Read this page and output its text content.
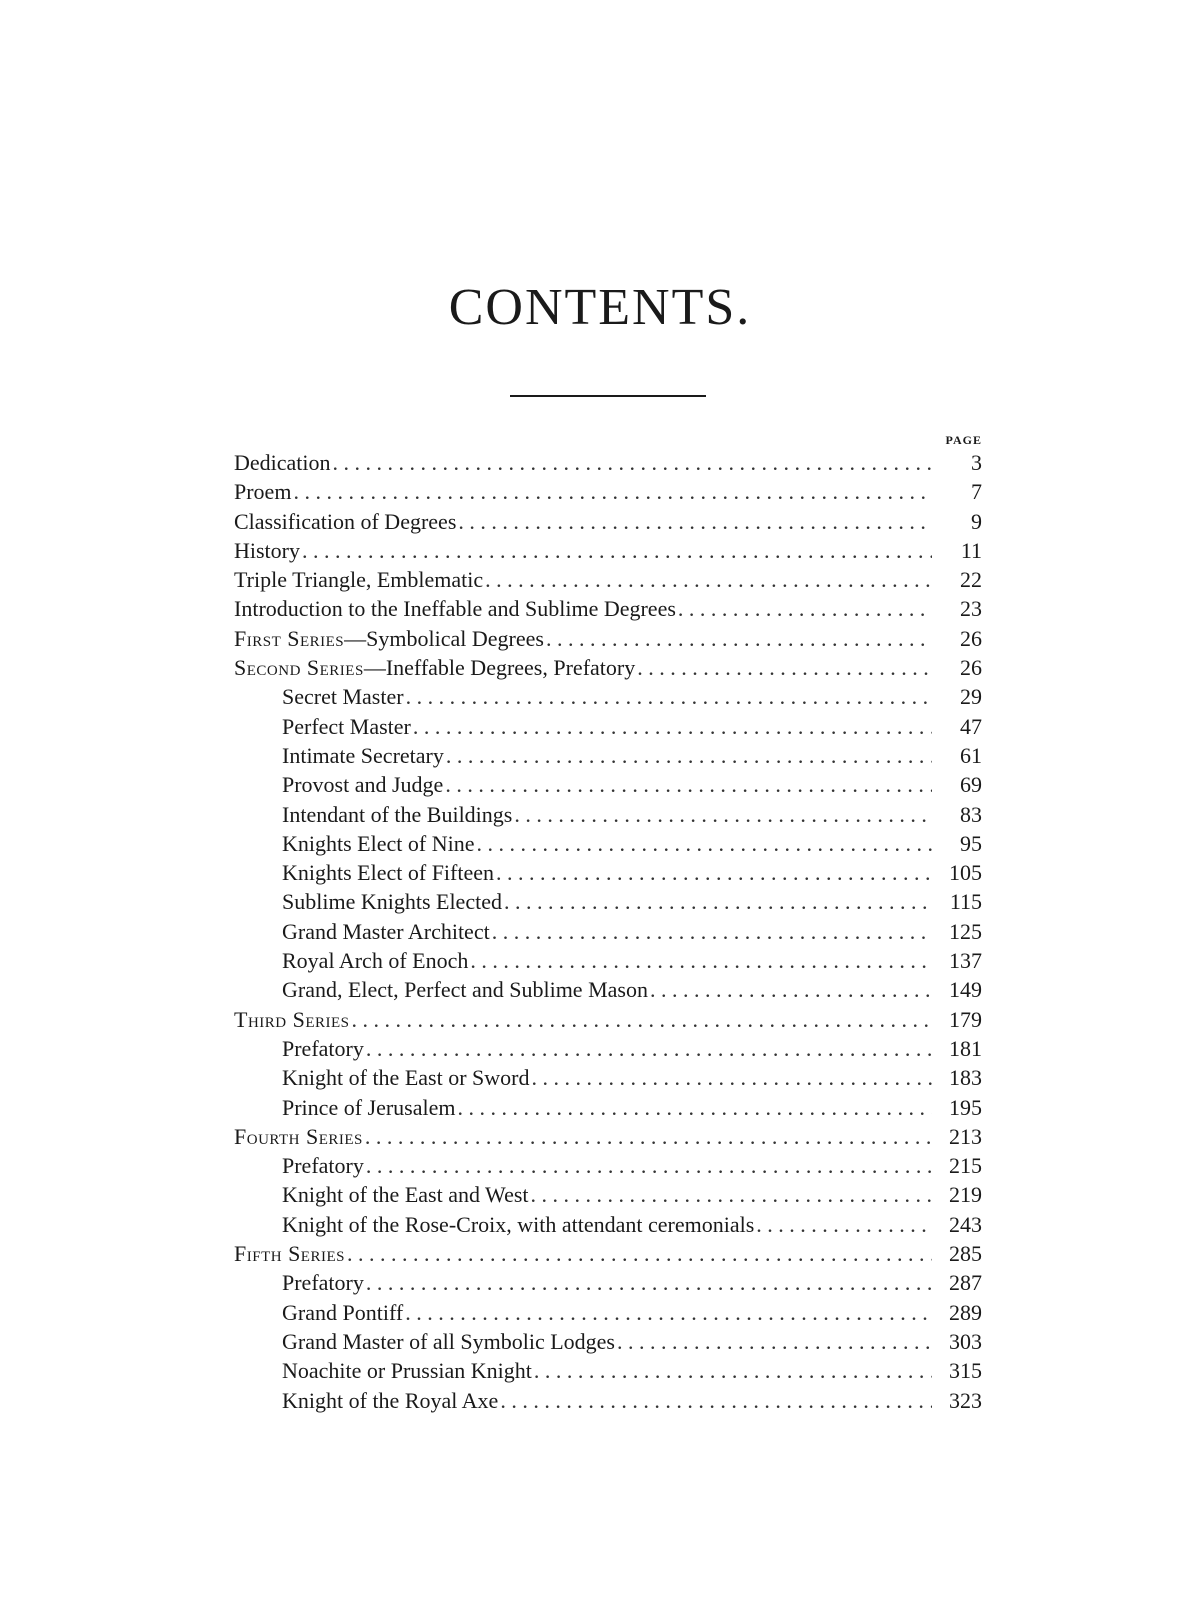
CONTENTS.
PAGE
Dedication . . .	3
Proem . . .	7
Classification of Degrees . . .	9
History . . .	11
Triple Triangle, Emblematic . . .	22
Introduction to the Ineffable and Sublime Degrees . . .	23
First Series—Symbolical Degrees . . .	26
Second Series—Ineffable Degrees, Prefatory . . .	26
Secret Master . . .	29
Perfect Master . . .	47
Intimate Secretary . . .	61
Provost and Judge . . .	69
Intendant of the Buildings . . .	83
Knights Elect of Nine . . .	95
Knights Elect of Fifteen . . .	105
Sublime Knights Elected . . .	115
Grand Master Architect . . .	125
Royal Arch of Enoch . . .	137
Grand, Elect, Perfect and Sublime Mason . . .	149
Third Series . . .	179
Prefatory . . .	181
Knight of the East or Sword . . .	183
Prince of Jerusalem . . .	195
Fourth Series . . .	213
Prefatory . . .	215
Knight of the East and West . . .	219
Knight of the Rose-Croix, with attendant ceremonials . . .	243
Fifth Series . . .	285
Prefatory . . .	287
Grand Pontiff . . .	289
Grand Master of all Symbolic Lodges . . .	303
Noachite or Prussian Knight . . .	315
Knight of the Royal Axe . . .	323
